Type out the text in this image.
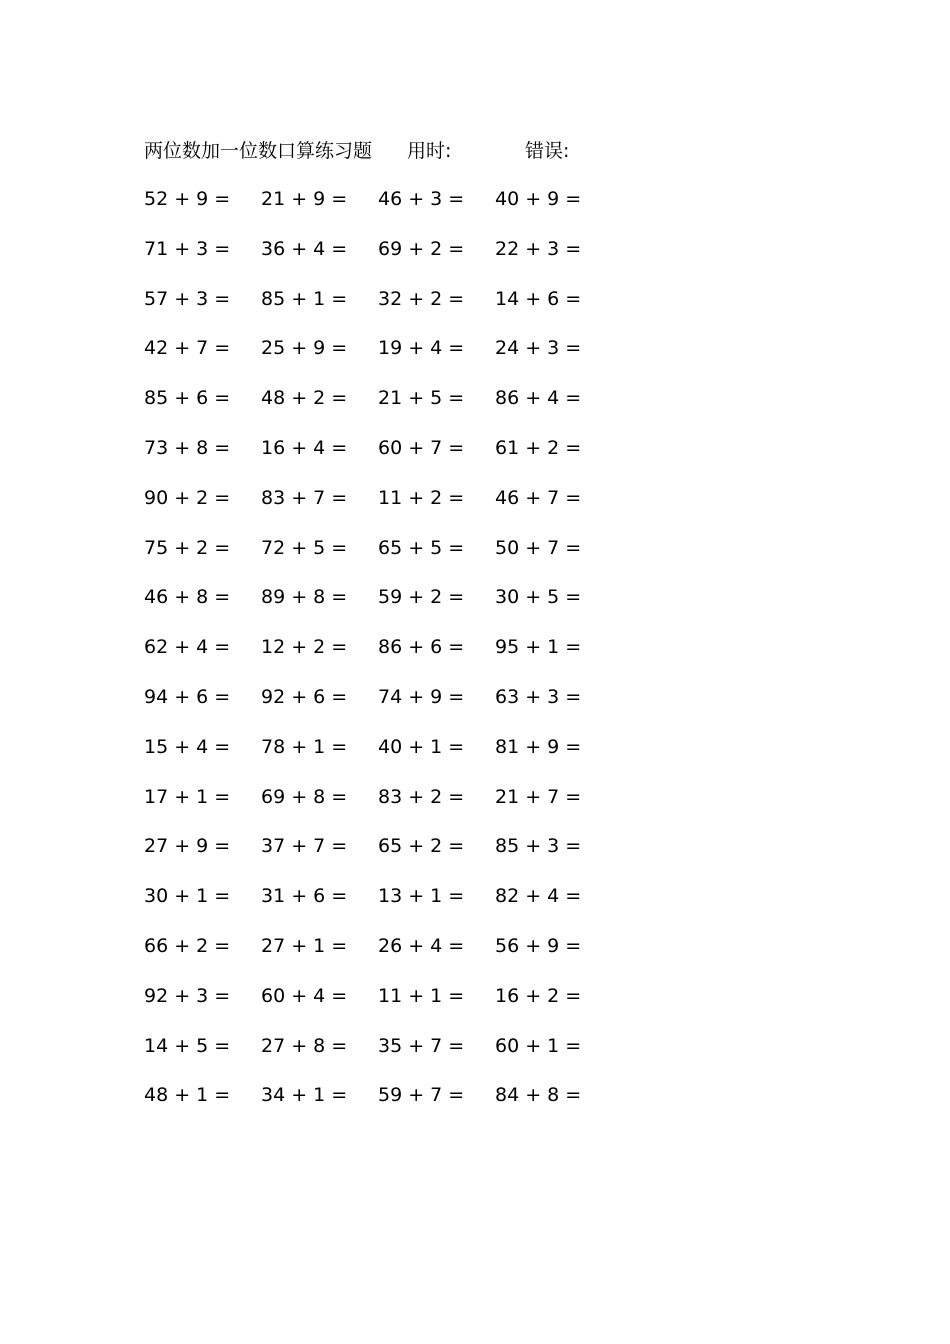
两位数加一位数口算练习题 用时:	错误:
52 + 9 = 21 + 9 = 46 + 3 = 40 + 9 =
71 + 3 = 36 + 4 = 69 + 2 = 22 + 3 =
57 + 3 = 85 + 1 = 32 + 2 = 14 + 6 =
42 + 7 = 25 + 9 = 19 + 4 = 24 + 3 =
85 + 6 = 48 + 2 = 21 + 5 = 86 + 4 =
73 + 8 = 16 + 4 = 60 + 7 = 61 + 2 =
90 + 2 = 83 + 7 = 11 + 2 = 46 + 7 =
75 + 2 = 72 + 5 = 65 + 5 = 50 + 7 =
46 + 8 = 89 + 8 = 59 + 2 = 30 + 5 =
62 + 4 = 12 + 2 = 86 + 6 = 95 + 1 =
94 + 6 = 92 + 6 = 74 + 9 = 63 + 3 =
15 + 4 = 78 + 1 = 40 + 1 = 81 + 9 =
17 + 1 = 69 + 8 = 83 + 2 = 21 + 7 =
27 + 9 = 37 + 7 = 65 + 2 = 85 + 3 =
30 + 1 = 31 + 6 = 13 + 1 = 82 + 4 =
66 + 2 = 27 + 1 = 26 + 4 = 56 + 9 =
92 + 3 = 60 + 4 = 11 + 1 = 16 + 2 =
14 + 5 = 27 + 8 = 35 + 7 = 60 + 1 =
48 + 1 = 34 + 1 = 59 + 7 = 84 + 8 =
